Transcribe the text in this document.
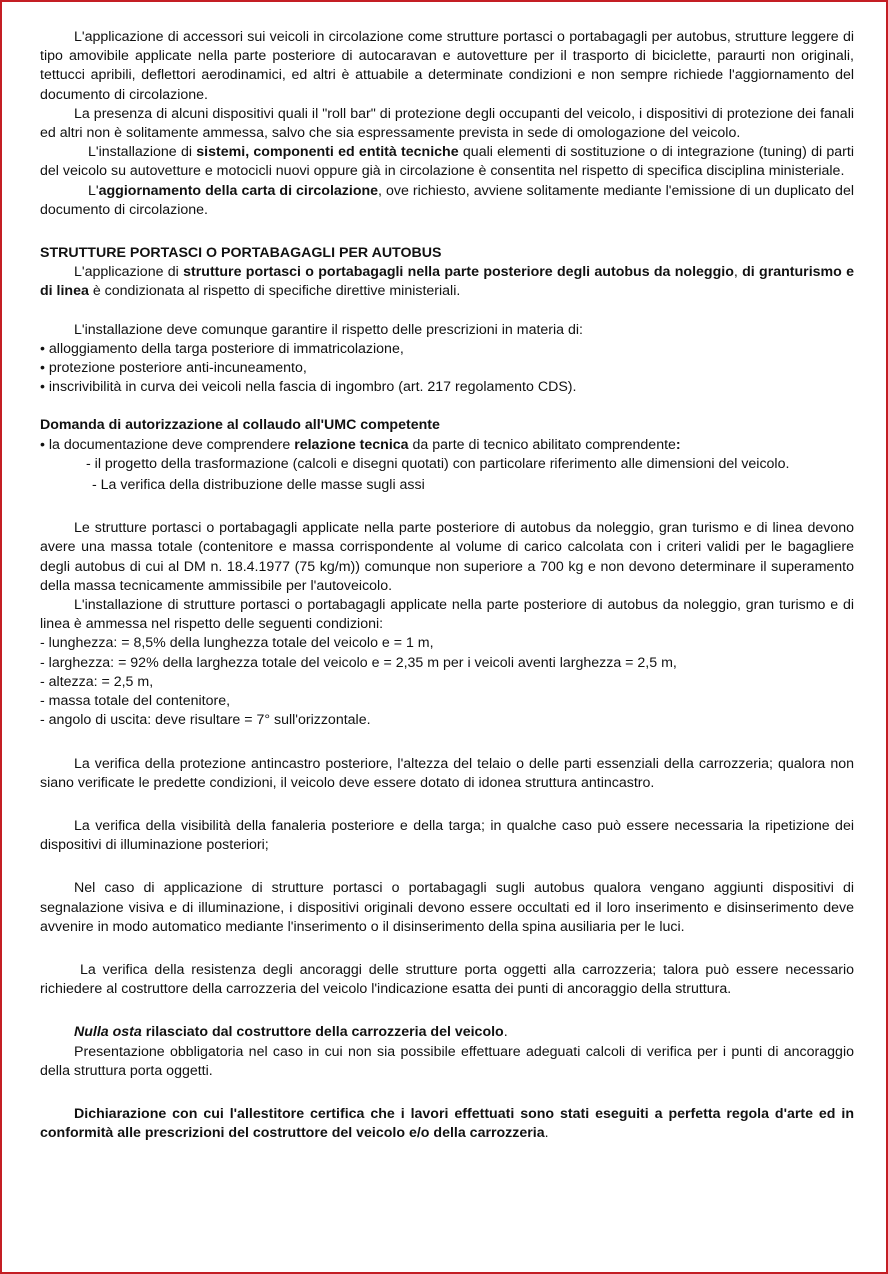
L'applicazione di accessori sui veicoli in circolazione come strutture portasci o portabagagli per autobus, strutture leggere di tipo amovibile applicate nella parte posteriore di autocaravan e autovetture per il trasporto di biciclette, paraurti non originali, tettucci apribili, deflettori aerodinamici, ed altri è attuabile a determinate condizioni e non sempre richiede l'aggiornamento del documento di circolazione.

La presenza di alcuni dispositivi quali il "roll bar" di protezione degli occupanti del veicolo, i dispositivi di protezione dei fanali ed altri non è solitamente ammessa, salvo che sia espressamente prevista in sede di omologazione del veicolo.

L'installazione di sistemi, componenti ed entità tecniche quali elementi di sostituzione o di integrazione (tuning) di parti del veicolo su autovetture e motocicli nuovi oppure già in circolazione è consentita nel rispetto di specifica disciplina ministeriale.

L'aggiornamento della carta di circolazione, ove richiesto, avviene solitamente mediante l'emissione di un duplicato del documento di circolazione.

STRUTTURE PORTASCI O PORTABAGAGLI PER AUTOBUS

L'applicazione di strutture portasci o portabagagli nella parte posteriore degli autobus da noleggio, di granturismo e di linea è condizionata al rispetto di specifiche direttive ministeriali.

L'installazione deve comunque garantire il rispetto delle prescrizioni in materia di:

• alloggiamento della targa posteriore di immatricolazione,
• protezione posteriore anti-incuneamento,
• inscrivibilità in curva dei veicoli nella fascia di ingombro (art. 217 regolamento CDS).
Domanda di autorizzazione al collaudo all'UMC competente

• la documentazione deve comprendere relazione tecnica da parte di tecnico abilitato comprendente:

- il progetto della trasformazione (calcoli e disegni quotati) con particolare riferimento alle dimensioni del veicolo.

- La verifica della distribuzione delle masse sugli assi

Le strutture portasci o portabagagli applicate nella parte posteriore di autobus da noleggio, gran turismo e di linea devono avere una massa totale (contenitore e massa corrispondente al volume di carico calcolata con i criteri validi per le bagagliere degli autobus di cui al DM n. 18.4.1977 (75 kg/m)) comunque non superiore a 700 kg e non devono determinare il superamento della massa tecnicamente ammissibile per l'autoveicolo.

L'installazione di strutture portasci o portabagagli applicate nella parte posteriore di autobus da noleggio, gran turismo e di linea è ammessa nel rispetto delle seguenti condizioni:

- lunghezza: = 8,5% della lunghezza totale del veicolo e = 1 m,
- larghezza: = 92% della larghezza totale del veicolo e = 2,35 m per i veicoli aventi larghezza = 2,5 m,
- altezza: = 2,5 m,
- massa totale del contenitore,
- angolo di uscita: deve risultare = 7° sull'orizzontale.

La verifica della protezione antincastro posteriore, l'altezza del telaio o delle parti essenziali della carrozzeria; qualora non siano verificate le predette condizioni, il veicolo deve essere dotato di idonea struttura antincastro.

La verifica della visibilità della fanaleria posteriore e della targa; in qualche caso può essere necessaria la ripetizione dei dispositivi di illuminazione posteriori;

Nel caso di applicazione di strutture portasci o portabagagli sugli autobus qualora vengano aggiunti dispositivi di segnalazione visiva e di illuminazione, i dispositivi originali devono essere occultati ed il loro inserimento e disinserimento deve avvenire in modo automatico mediante l'inserimento o il disinserimento della spina ausiliaria per le luci.

La verifica della resistenza degli ancoraggi delle strutture porta oggetti alla carrozzeria; talora può essere necessario richiedere al costruttore della carrozzeria del veicolo l'indicazione esatta dei punti di ancoraggio della struttura.

Nulla osta rilasciato dal costruttore della carrozzeria del veicolo.

Presentazione obbligatoria nel caso in cui non sia possibile effettuare adeguati calcoli di verifica per i punti di ancoraggio della struttura porta oggetti.

Dichiarazione con cui l'allestitore certifica che i lavori effettuati sono stati eseguiti a perfetta regola d'arte ed in conformità alle prescrizioni del costruttore del veicolo e/o della carrozzeria.
